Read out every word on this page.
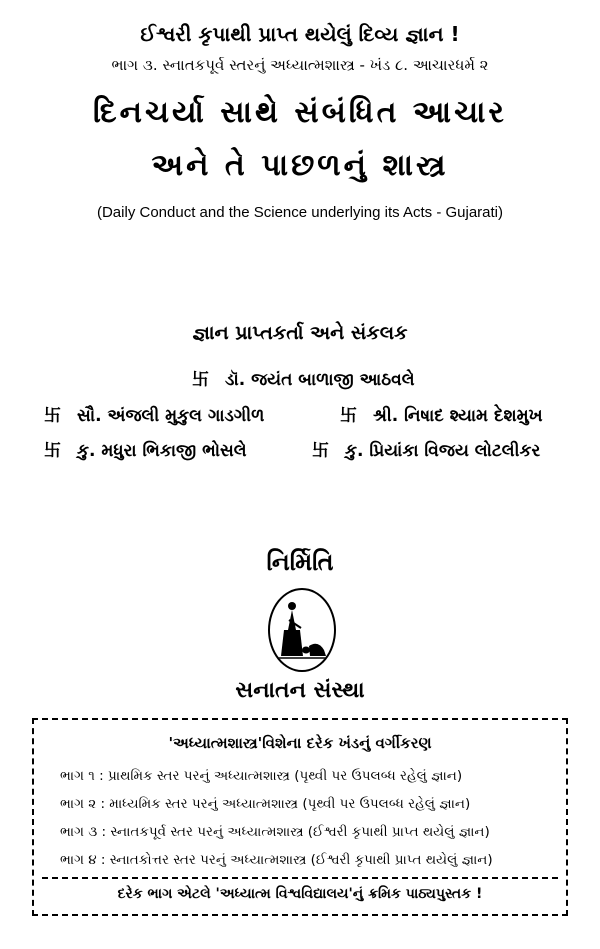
ઈશ્વરી કૃપાથી પ્રાપ્ત થયેલું દિવ્ય જ્ઞાન !
ભાગ ૩. સ્નાતકપૂર્વ સ્તરનું અધ્યાત્મશાસ્ત્ર - ખંડ ૮. આચારધર્મ ૨
દિનચર્યા સાથે સંબંધિત આચાર
અને તે પાછળનું શાસ્ત્ર
(Daily Conduct and the Science underlying its Acts - Gujarati)
જ્ઞાન પ્રાપ્તકર્તા અને સંકલક
卐 ડૉ. જયંત બાળાજી આઠવલે
卐 સૌ. અંજલી મુકુલ ગાડગીળ	卐 શ્રી. નિષાદ શ્યામ દેશમુખ
卐 કુ. મધુરા ભિકાજી ભોસલે	卐 કુ. પ્રિયાંકા વિજય લોટલીકર
નિર્મિતિ
સનાતન સંસ્થા
'અધ્યાત્મશાસ્ત્ર'વિશેના દરેક ખંડનું વર્ગીકરણ
ભાગ ૧ : પ્રાથમિક સ્તર પરનું અધ્યાત્મશાસ્ત્ર (પૃથ્વી પર ઉપલબ્ધ રહેલું જ્ઞાન)
ભાગ ૨ : માધ્યમિક સ્તર પરનું અધ્યાત્મશાસ્ત્ર (પૃથ્વી પર ઉપલબ્ધ રહેલું જ્ઞાન)
ભાગ ૩ : સ્નાતકપૂર્વ સ્તર પરનું અધ્યાત્મશાસ્ત્ર (ઈશ્વરી કૃપાથી પ્રાપ્ત થયેલું જ્ઞાન)
ભાગ ૪ : સ્નાતકોત્તર સ્તર પરનું અધ્યાત્મશાસ્ત્ર (ઈશ્વરી કૃપાથી પ્રાપ્ત થયેલું જ્ઞાન)
દરેક ભાગ એટલે 'અધ્યાત્મ વિશ્વવિદ્યાલય'નું ક્રમિક પાઠ્યપુસ્તક !
